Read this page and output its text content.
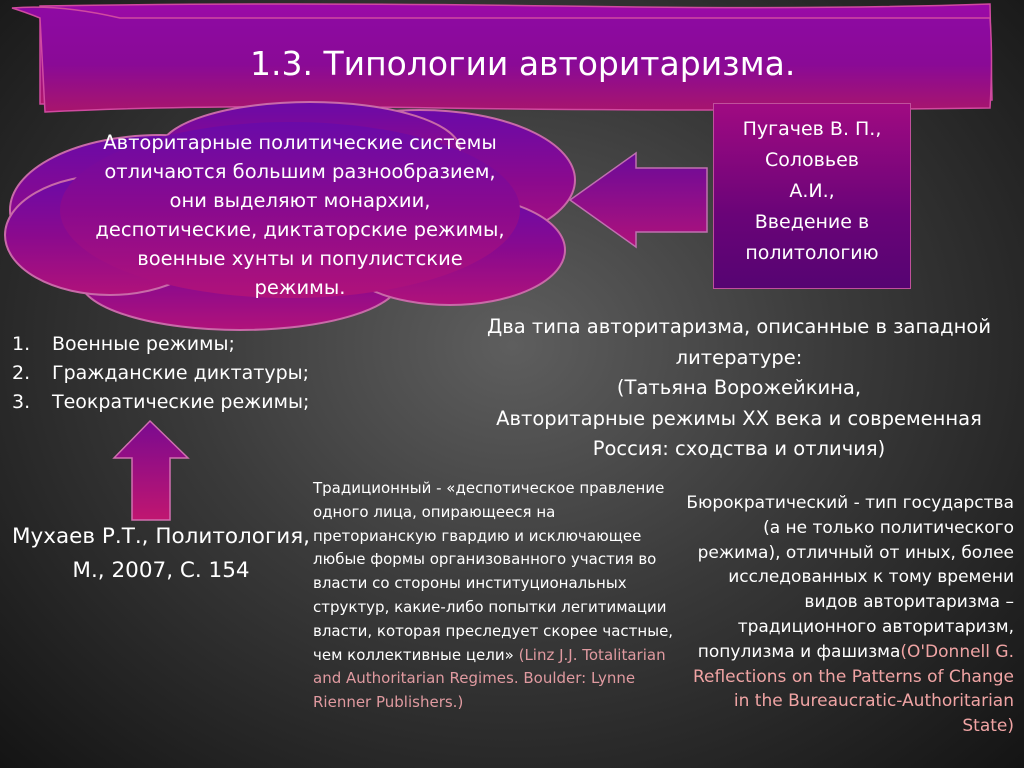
1.3. Типологии авторитаризма.
Авторитарные политические системы отличаются большим разнообразием, они выделяют монархии, деспотические, диктаторские режимы, военные хунты и популистские режимы.
Пугачев В. П.,
Соловьев
А.И.,
Введение в
политологию
1. Военные режимы;
2. Гражданские диктатуры;
3. Теократические режимы;
Два типа авторитаризма, описанные в западной
литературе:
(Татьяна Ворожейкина,
Авторитарные режимы XX века и современная
Россия: сходства и отличия)
Мухаев Р.Т., Политология,
М., 2007, С. 154
Традиционный - «деспотическое правление одного лица, опирающееся на преторианскую гвардию и исключающее любые формы организованного участия во власти со стороны институциональных структур, какие-либо попытки легитимации власти, которая преследует скорее частные, чем коллективные цели» (Linz J.J. Totalitarian and Authoritarian Regimes. Boulder: Lynne Rienner Publishers.)
Бюрократический - тип государства (а не только политического режима), отличный от иных, более исследованных к тому времени видов авторитаризма – традиционного авторитаризм, популизма и фашизма(O'Donnell G. Reflections on the Patterns of Change in the Bureaucratic-Authoritarian State)
